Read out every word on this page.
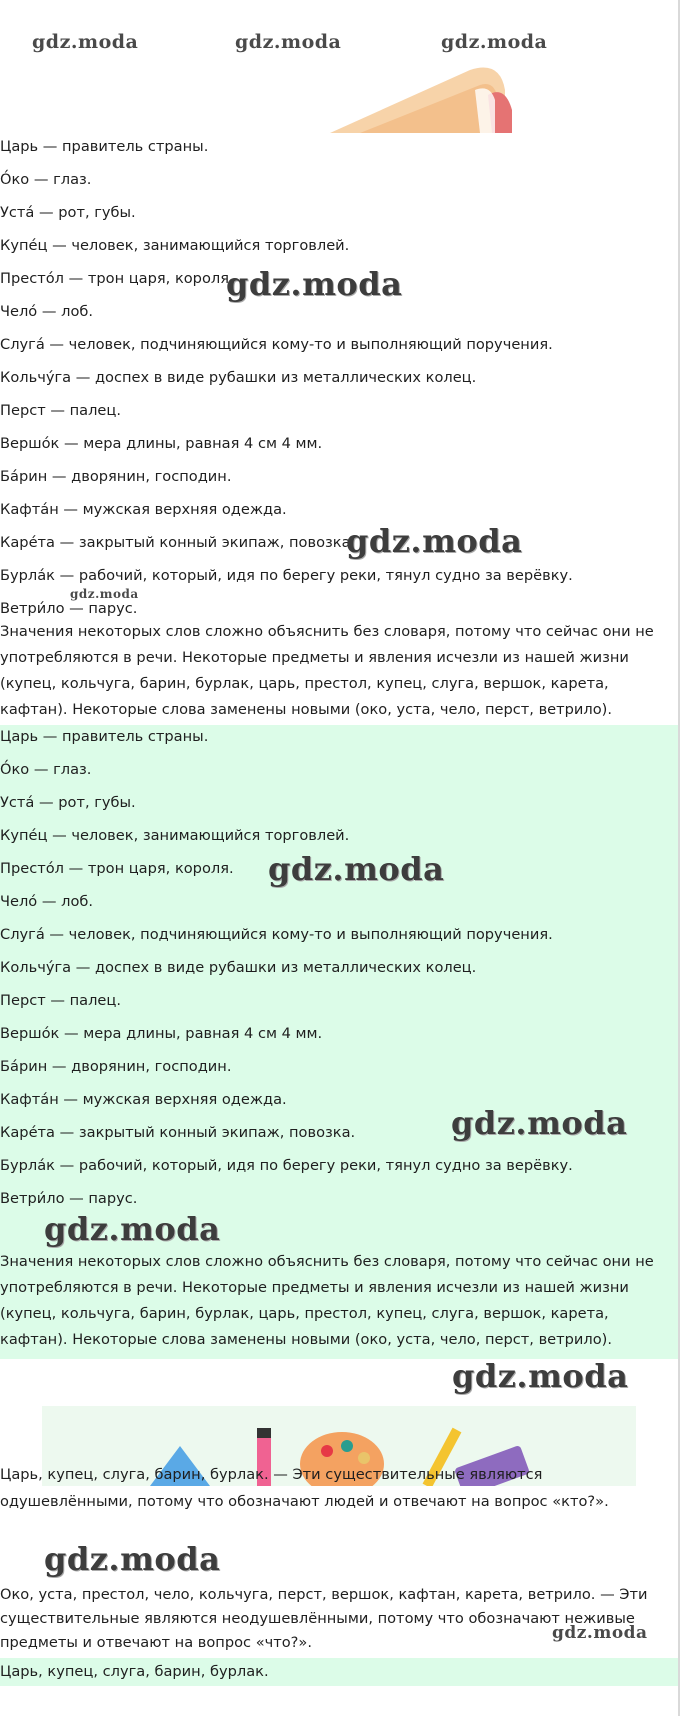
gdz.moda	gdz.moda	gdz.moda
Царь — правитель страны.
О́ко — глаз.
Уста́ — рот, губы.
Купе́ц — человек, занимающийся торговлей.
Престо́л — трон царя, короля.
Чело́ — лоб.
Слуга́ — человек, подчиняющийся кому-то и выполняющий поручения.
Кольчу́га — доспех в виде рубашки из металлических колец.
Перст — палец.
Вершо́к — мера длины, равная 4 см 4 мм.
Ба́рин — дворянин, господин.
Кафта́н — мужская верхняя одежда.
Каре́та — закрытый конный экипаж, повозка.
Бурла́к — рабочий, который, идя по берегу реки, тянул судно за верёвку.
Ветри́ло — парус.
Значения некоторых слов сложно объяснить без словаря, потому что сейчас они не употребляются в речи. Некоторые предметы и явления исчезли из нашей жизни (купец, кольчуга, барин, бурлак, царь, престол, купец, слуга, вершок, карета, кафтан). Некоторые слова заменены новыми (око, уста, чело, перст, ветрило).
gdz.moda
gdz.moda
gdz.moda
Царь — правитель страны.
О́ко — глаз.
Уста́ — рот, губы.
Купе́ц — человек, занимающийся торговлей.
Престо́л — трон царя, короля.
Чело́ — лоб.
Слуга́ — человек, подчиняющийся кому-то и выполняющий поручения.
Кольчу́га — доспех в виде рубашки из металлических колец.
Перст — палец.
Вершо́к — мера длины, равная 4 см 4 мм.
Ба́рин — дворянин, господин.
Кафта́н — мужская верхняя одежда.
Каре́та — закрытый конный экипаж, повозка.
Бурла́к — рабочий, который, идя по берегу реки, тянул судно за верёвку.
Ветри́ло — парус.
Значения некоторых слов сложно объяснить без словаря, потому что сейчас они не употребляются в речи. Некоторые предметы и явления исчезли из нашей жизни (купец, кольчуга, барин, бурлак, царь, престол, купец, слуга, вершок, карета, кафтан). Некоторые слова заменены новыми (око, уста, чело, перст, ветрило).
gdz.moda
gdz.moda
gdz.moda
gdz.moda
Царь, купец, слуга, барин, бурлак. — Эти существительные являются одушевлёнными, потому что обозначают людей и отвечают на вопрос «кто?».
gdz.moda
Око, уста, престол, чело, кольчуга, перст, вершок, кафтан, карета, ветрило. — Эти существительные являются неодушевлёнными, потому что обозначают неживые предметы и отвечают на вопрос «что?».	gdz.moda
Царь, купец, слуга, барин, бурлак.
